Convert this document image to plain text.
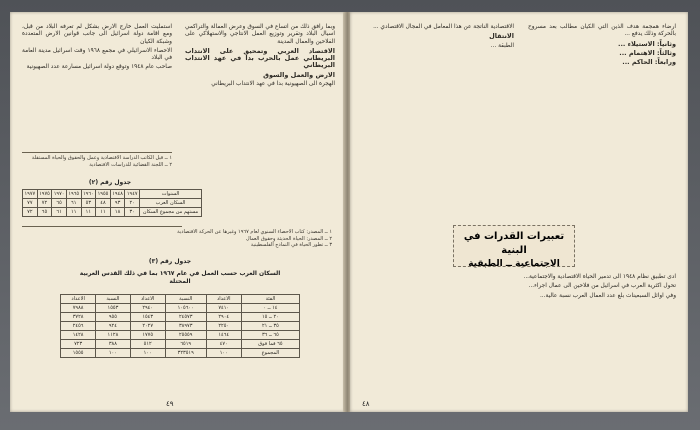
وبما رافق ذلك من اتساع في السوق وعرض العمالة والتراكمي اسيال البلاد وتقرير وتوزيع العمل الانتاجي والاستهلاكي على الفلاحين والعمال المدينة

الاقتصاد العربي وتمحيق على الانتداب البريطاني عمل بالحرب بدا في عهد الانتداب البريطاني

الارض والعمل والسوق

الهجرة الى الصهيونية بدا في عهد الانتداب البريطاني

استمليت العمل خارج الارض بشكل لم تعرفه البلاد من قبل، ومع اقامة دولة اسرائيل الى جانب قوانين الارض المتعددة وشبكة الكيان

الاحصاء الاسرائيلي في مجمع ١٩٦٨ وقت اسرائيل مدينة العامة في البلاد

صاحب عام ١٩٤٨ وتوقع دولة اسرائيل مسارعة عدد الصهيونية

١ ــ قيل الكاتب الدراسة الاقتصادية وعمل والحقوق والحياة المستقلة
٢ ــ اللجنة القضائية للدراسات الاقتصادية
جدول رقم (٢)
السنوات	١٩٤٧	١٩٤٨	١٩٥٥	١٩٦٠	١٩٦٥	١٩٧٠	١٩٧٥	١٩٧٧
السكان العرب	٢٠	٩٣	٤٨	٥٣	٦١	٦٥	٧٢	٧٧
مستهم من مجموع السكان	٣٠	١٨	١١	١١	١١	٦١	٦٥	٧٢
١ ــ المصدر: كتاب الاحصاء السنوي لعام ١٩٦٧ وغيرها عن الحركة الاقتصادية
٢ ــ المصدر: الحياة الحديثة وحقوق العمال
٣ ــ تطور الحياة في النماذج الفلسطينية
جدول رقم (٣)
السكان العرب حسب العمل في عام ١٩٦٧ بما في ذلك القدس العربية المحتلة
الفئة	الاعداد	النسبة	الاعداد	النسبة	الاعداد
١٤ ــ ٠	٧٤١٠	١٠٥٦٠٠	٢٩٤٠	١٥٥٣	٧٩٨٨
٢٠ ــ ١٥	٢٩٠٤	٢٤٥٧٣	١٥٤٣	٩٥٥	٣٧٢٨
٣٥ ــ ٢١	٢٢٥٠	٣٨٩٧٣	٢٠٢٧	٩٢٤	٢٤٥٦
٦٥ ــ ٣٦	١٤٦٤	٢٥٥٥٩	١٧٧٥	١١٢٨	١٤٢٨
٦٥ فما فوق	٤٧٠	٦٥١٩	٥١٢	٣٨٨	٧٢٣
المجموع	١٠٠	٣٢٣٥١٩	١٠٠	١٠٠	١٥٥٥
٤٩

ارضاء همجمة هدف الذين التي الكيان مطالب بعد مسروح بالحركة وذلك يدفع ...

وثانياً: الاستيلاء ...

وثالثاً: الاهتمام ...

ورابعاً: الحاكم ...

الاقتصادية الناتجة عن هذا المعامل في المجال الاقتصادي ...

الانتقال

الطبقة ...

تعبيرات القدرات في البنية
الاجتماعية ــ الطبقية

ادى تطبيق نظام ١٩٤٨ الى تدمير الحياة الاقتصادية والاجتماعية...

تحول اكثرية العرب في اسرائيل من فلاحين الى عمال اجراء...

وفي اوائل السبعينات بلغ عدد العمال العرب نسبة عالية...

٤٨
